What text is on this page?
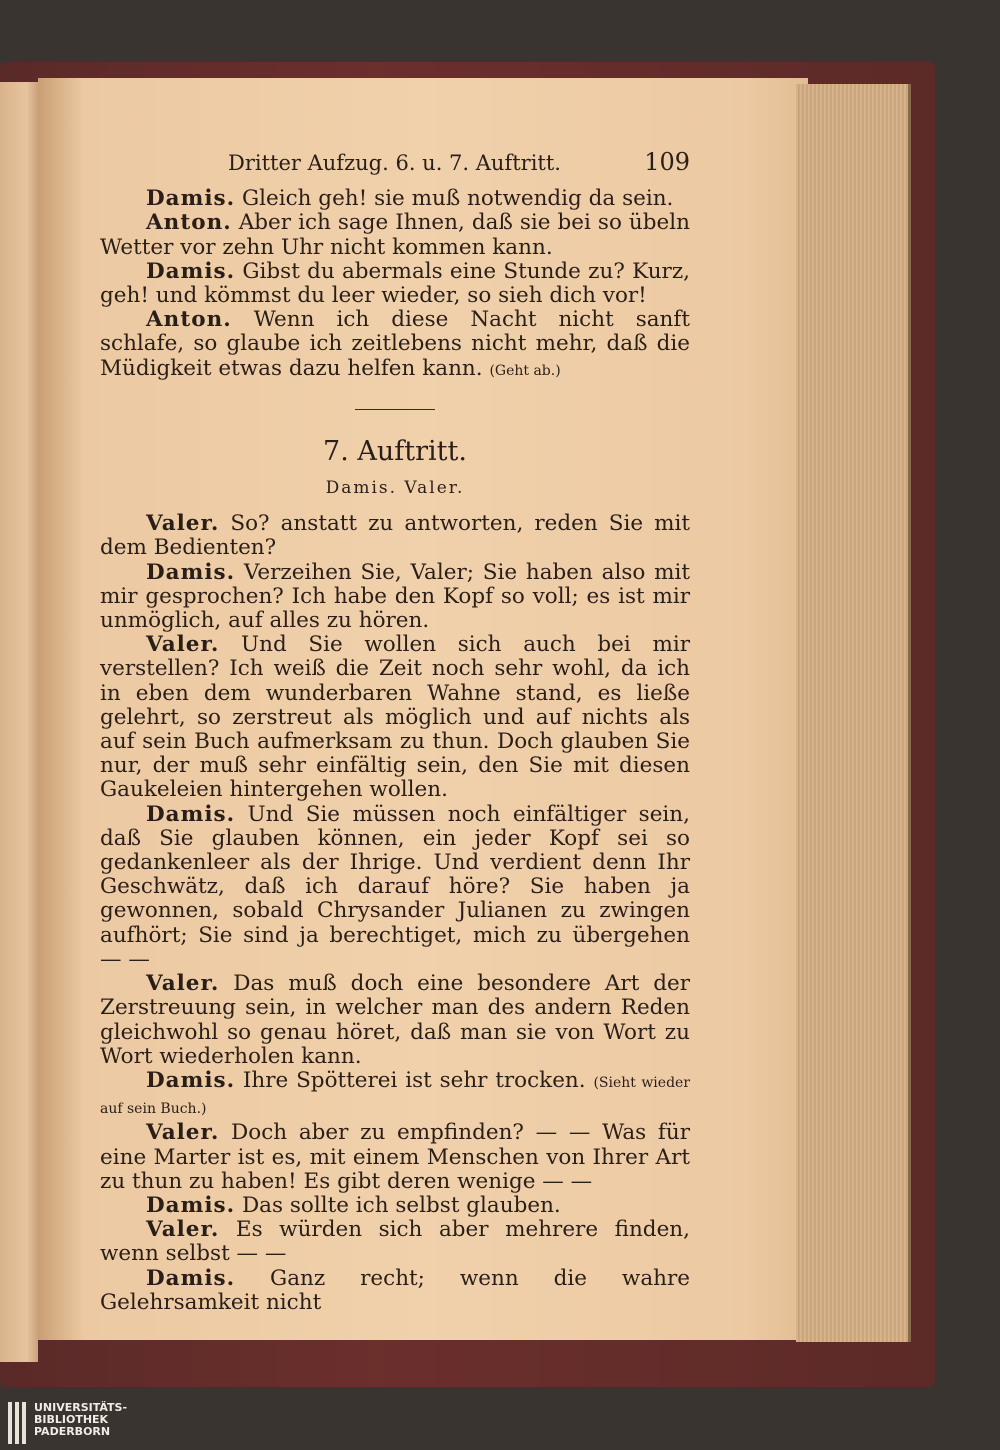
Dritter Aufzug. 6. u. 7. Auftritt.	109

Damis. Gleich geh! sie muß notwendig da sein.

Anton. Aber ich sage Ihnen, daß sie bei so übeln Wetter vor zehn Uhr nicht kommen kann.

Damis. Gibst du abermals eine Stunde zu? Kurz, geh! und kömmst du leer wieder, so sieh dich vor!

Anton. Wenn ich diese Nacht nicht sanft schlafe, so glaube ich zeitlebens nicht mehr, daß die Müdigkeit etwas dazu helfen kann. (Geht ab.)

7. Auftritt.
Damis. Valer.

Valer. So? anstatt zu antworten, reden Sie mit dem Bedienten?

Damis. Verzeihen Sie, Valer; Sie haben also mit mir gesprochen? Ich habe den Kopf so voll; es ist mir unmöglich, auf alles zu hören.

Valer. Und Sie wollen sich auch bei mir verstellen? Ich weiß die Zeit noch sehr wohl, da ich in eben dem wunderbaren Wahne stand, es ließe gelehrt, so zerstreut als möglich und auf nichts als auf sein Buch aufmerksam zu thun. Doch glauben Sie nur, der muß sehr einfältig sein, den Sie mit diesen Gaukeleien hintergehen wollen.

Damis. Und Sie müssen noch einfältiger sein, daß Sie glauben können, ein jeder Kopf sei so gedankenleer als der Ihrige. Und verdient denn Ihr Geschwätz, daß ich darauf höre? Sie haben ja gewonnen, sobald Chrysander Julianen zu zwingen aufhört; Sie sind ja berechtiget, mich zu übergehen — —

Valer. Das muß doch eine besondere Art der Zerstreuung sein, in welcher man des andern Reden gleichwohl so genau höret, daß man sie von Wort zu Wort wiederholen kann.

Damis. Ihre Spötterei ist sehr trocken. (Sieht wieder auf sein Buch.)

Valer. Doch aber zu empfinden? — — Was für eine Marter ist es, mit einem Menschen von Ihrer Art zu thun zu haben! Es gibt deren wenige — —

Damis. Das sollte ich selbst glauben.

Valer. Es würden sich aber mehrere finden, wenn selbst — —

Damis. Ganz recht; wenn die wahre Gelehrsamkeit nicht

UNIVERSITÄTS-
BIBLIOTHEK
PADERBORN
